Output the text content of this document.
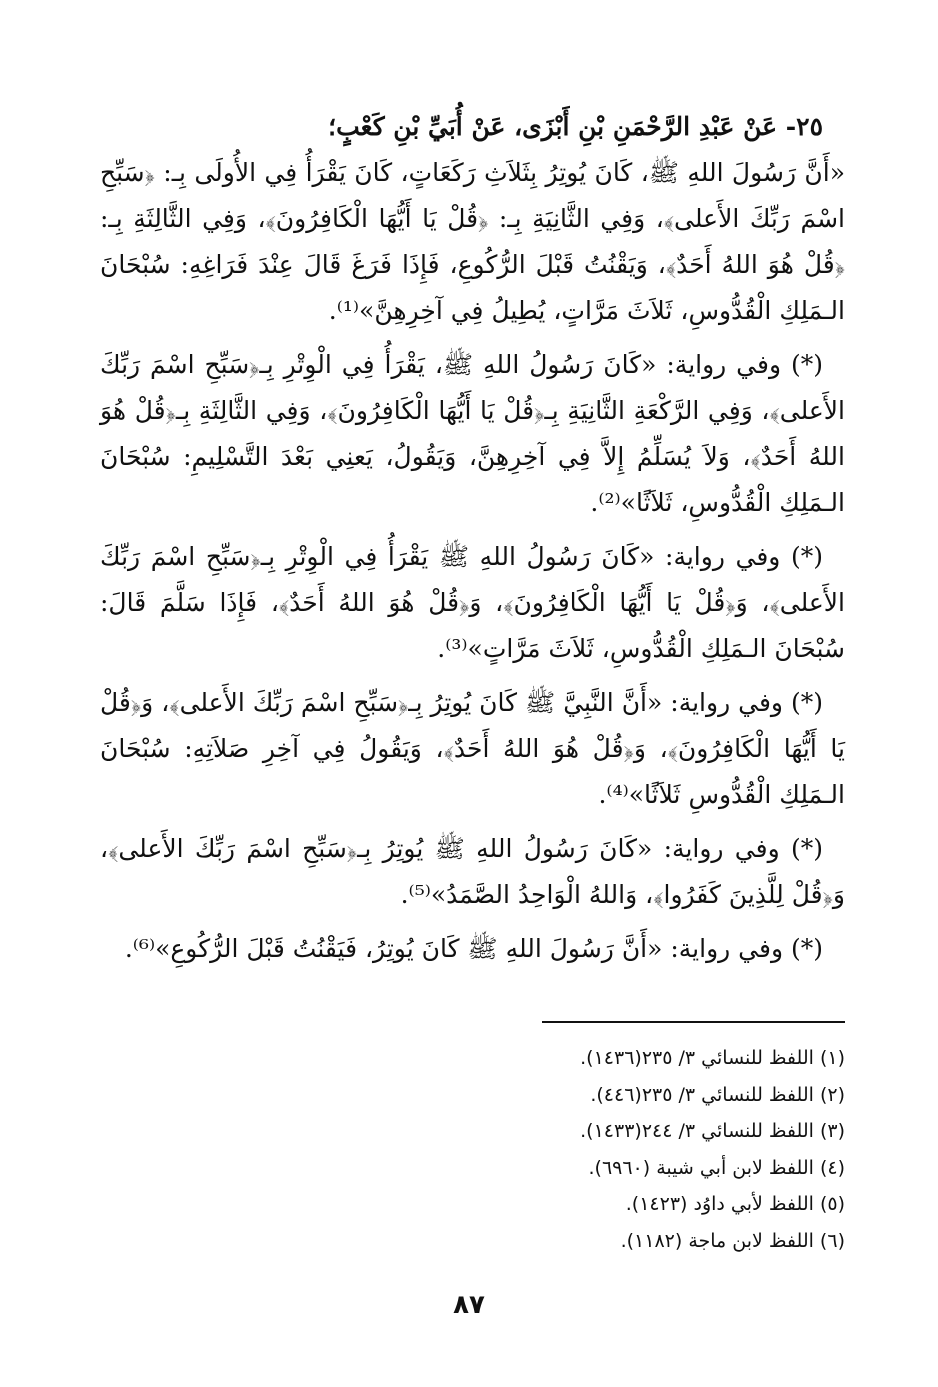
٢٥- عَنْ عَبْدِ الرَّحْمَنِ بْنِ أَبْزَى، عَنْ أُبَيِّ بْنِ كَعْبٍ؛

«أَنَّ رَسُولَ اللهِ ﷺ، كَانَ يُوتِرُ بِثَلاَثِ رَكَعَاتٍ، كَانَ يَقْرَأُ فِي الأُولَى بِـ: ﴿سَبِّحِ اسْمَ رَبِّكَ الأَعلى﴾، وَفِي الثَّانِيَةِ بِـ: ﴿قُلْ يَا أَيُّهَا الْكَافِرُونَ﴾، وَفِي الثَّالِثَةِ بِـ: ﴿قُلْ هُوَ اللهُ أَحَدٌ﴾، وَيَقْنُتُ قَبْلَ الرُّكُوعِ، فَإِذَا فَرَغَ قَالَ عِنْدَ فَرَاغِهِ: سُبْحَانَ الـمَلِكِ الْقُدُّوسِ، ثَلاَثَ مَرَّاتٍ، يُطِيلُ فِي آخِرِهِنَّ»⁽¹⁾.

(*) وفي رواية: «كَانَ رَسُولُ اللهِ ﷺ، يَقْرَأُ فِي الْوِتْرِ بِـ﴿سَبِّحِ اسْمَ رَبِّكَ الأَعلى﴾، وَفِي الرَّكْعَةِ الثَّانِيَةِ بِـ﴿قُلْ يَا أَيُّهَا الْكَافِرُونَ﴾، وَفِي الثَّالِثَةِ بِـ﴿قُلْ هُوَ اللهُ أَحَدٌ﴾، وَلاَ يُسَلِّمُ إِلاَّ فِي آخِرِهِنَّ، وَيَقُولُ، يَعنِي بَعْدَ التَّسْلِيمِ: سُبْحَانَ الـمَلِكِ الْقُدُّوسِ، ثَلاَثًا»⁽²⁾.

(*) وفي رواية: «كَانَ رَسُولُ اللهِ ﷺ يَقْرَأُ فِي الْوِتْرِ بِـ﴿سَبِّحِ اسْمَ رَبِّكَ الأَعلى﴾، وَ﴿قُلْ يَا أَيُّهَا الْكَافِرُونَ﴾، وَ﴿قُلْ هُوَ اللهُ أَحَدٌ﴾، فَإِذَا سَلَّمَ قَالَ: سُبْحَانَ الـمَلِكِ الْقُدُّوسِ، ثَلاَثَ مَرَّاتٍ»⁽³⁾.

(*) وفي رواية: «أَنَّ النَّبِيَّ ﷺ كَانَ يُوتِرُ بِـ﴿سَبِّحِ اسْمَ رَبِّكَ الأَعلى﴾، وَ﴿قُلْ يَا أَيُّهَا الْكَافِرُونَ﴾، وَ﴿قُلْ هُوَ اللهُ أَحَدٌ﴾، وَيَقُولُ فِي آخِرِ صَلاَتِهِ: سُبْحَانَ الـمَلِكِ الْقُدُّوسِ ثَلاَثًا»⁽⁴⁾.

(*) وفي رواية: «كَانَ رَسُولُ اللهِ ﷺ يُوتِرُ بِـ﴿سَبِّحِ اسْمَ رَبِّكَ الأَعلى﴾، وَ﴿قُلْ لِلَّذِينَ كَفَرُوا﴾، وَاللهُ الْوَاحِدُ الصَّمَدُ»⁽⁵⁾.

(*) وفي رواية: «أَنَّ رَسُولَ اللهِ ﷺ كَانَ يُوتِرُ، فَيَقْنُتُ قَبْلَ الرُّكُوعِ»⁽⁶⁾.

(١) اللفظ للنسائي ٣/ ٢٣٥(١٤٣٦).
(٢) اللفظ للنسائي ٣/ ٢٣٥(٤٤٦).
(٣) اللفظ للنسائي ٣/ ٢٤٤(١٤٣٣).
(٤) اللفظ لابن أبي شيبة (٦٩٦٠).
(٥) اللفظ لأبي داوُد (١٤٢٣).
(٦) اللفظ لابن ماجة (١١٨٢).
٨٧
